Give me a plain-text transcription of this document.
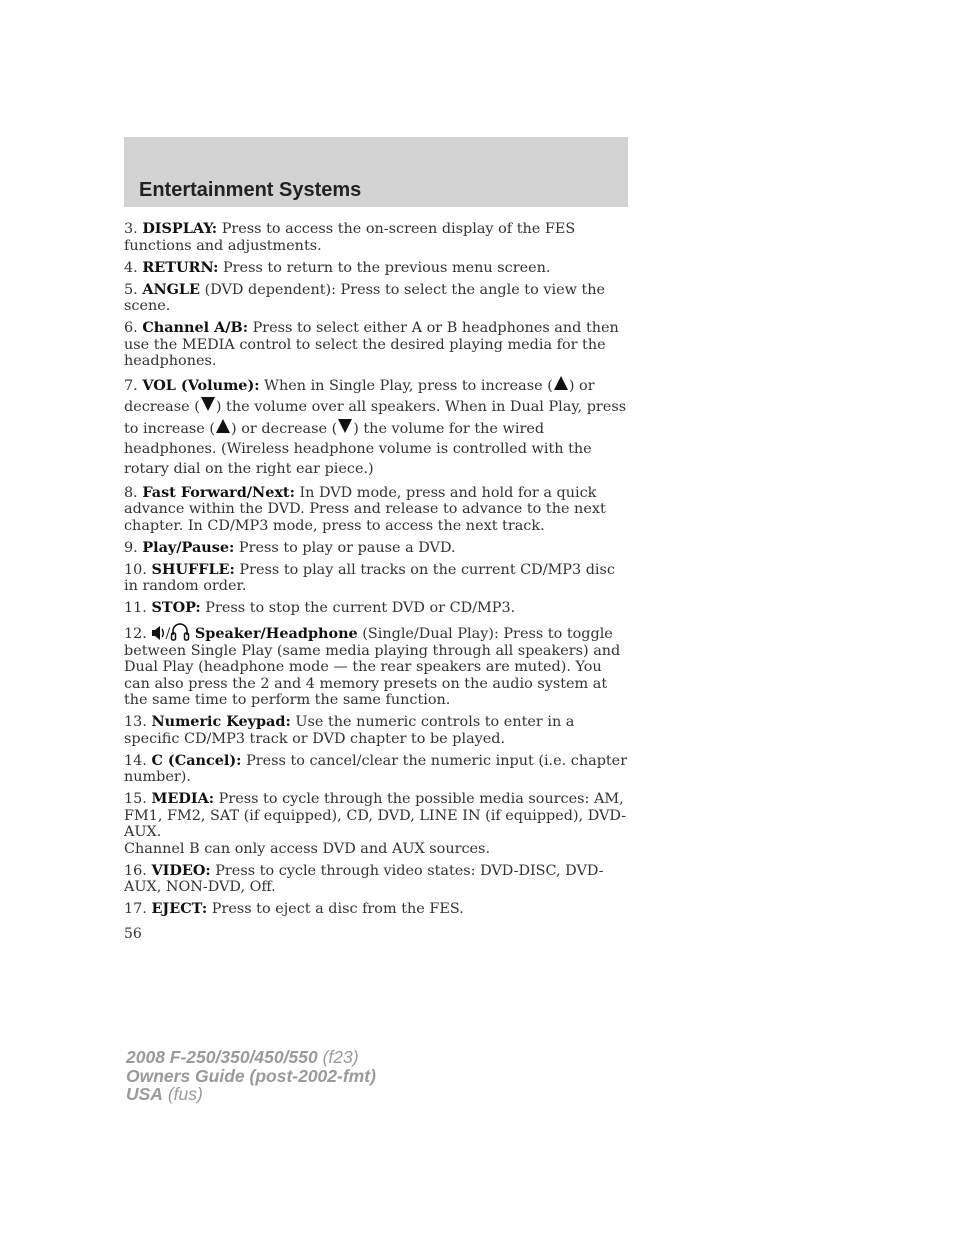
Entertainment Systems

3. DISPLAY: Press to access the on-screen display of the FES functions and adjustments.

4. RETURN: Press to return to the previous menu screen.

5. ANGLE (DVD dependent): Press to select the angle to view the scene.

6. Channel A/B: Press to select either A or B headphones and then use the MEDIA control to select the desired playing media for the headphones.

7. VOL (Volume): When in Single Play, press to increase ( ) or decrease ( ) the volume over all speakers. When in Dual Play, press to increase ( ) or decrease ( ) the volume for the wired headphones. (Wireless headphone volume is controlled with the rotary dial on the right ear piece.)

8. Fast Forward/Next: In DVD mode, press and hold for a quick advance within the DVD. Press and release to advance to the next chapter. In CD/MP3 mode, press to access the next track.

9. Play/Pause: Press to play or pause a DVD.

10. SHUFFLE: Press to play all tracks on the current CD/MP3 disc in random order.

11. STOP: Press to stop the current DVD or CD/MP3.

12. / Speaker/Headphone (Single/Dual Play): Press to toggle between Single Play (same media playing through all speakers) and Dual Play (headphone mode — the rear speakers are muted). You can also press the 2 and 4 memory presets on the audio system at the same time to perform the same function.

13. Numeric Keypad: Use the numeric controls to enter in a specific CD/MP3 track or DVD chapter to be played.

14. C (Cancel): Press to cancel/clear the numeric input (i.e. chapter number).

15. MEDIA: Press to cycle through the possible media sources: AM, FM1, FM2, SAT (if equipped), CD, DVD, LINE IN (if equipped), DVD-AUX.
Channel B can only access DVD and AUX sources.

16. VIDEO: Press to cycle through video states: DVD-DISC, DVD-AUX, NON-DVD, Off.

17. EJECT: Press to eject a disc from the FES.

56
2008 F-250/350/450/550 (f23)
Owners Guide (post-2002-fmt)
USA (fus)
